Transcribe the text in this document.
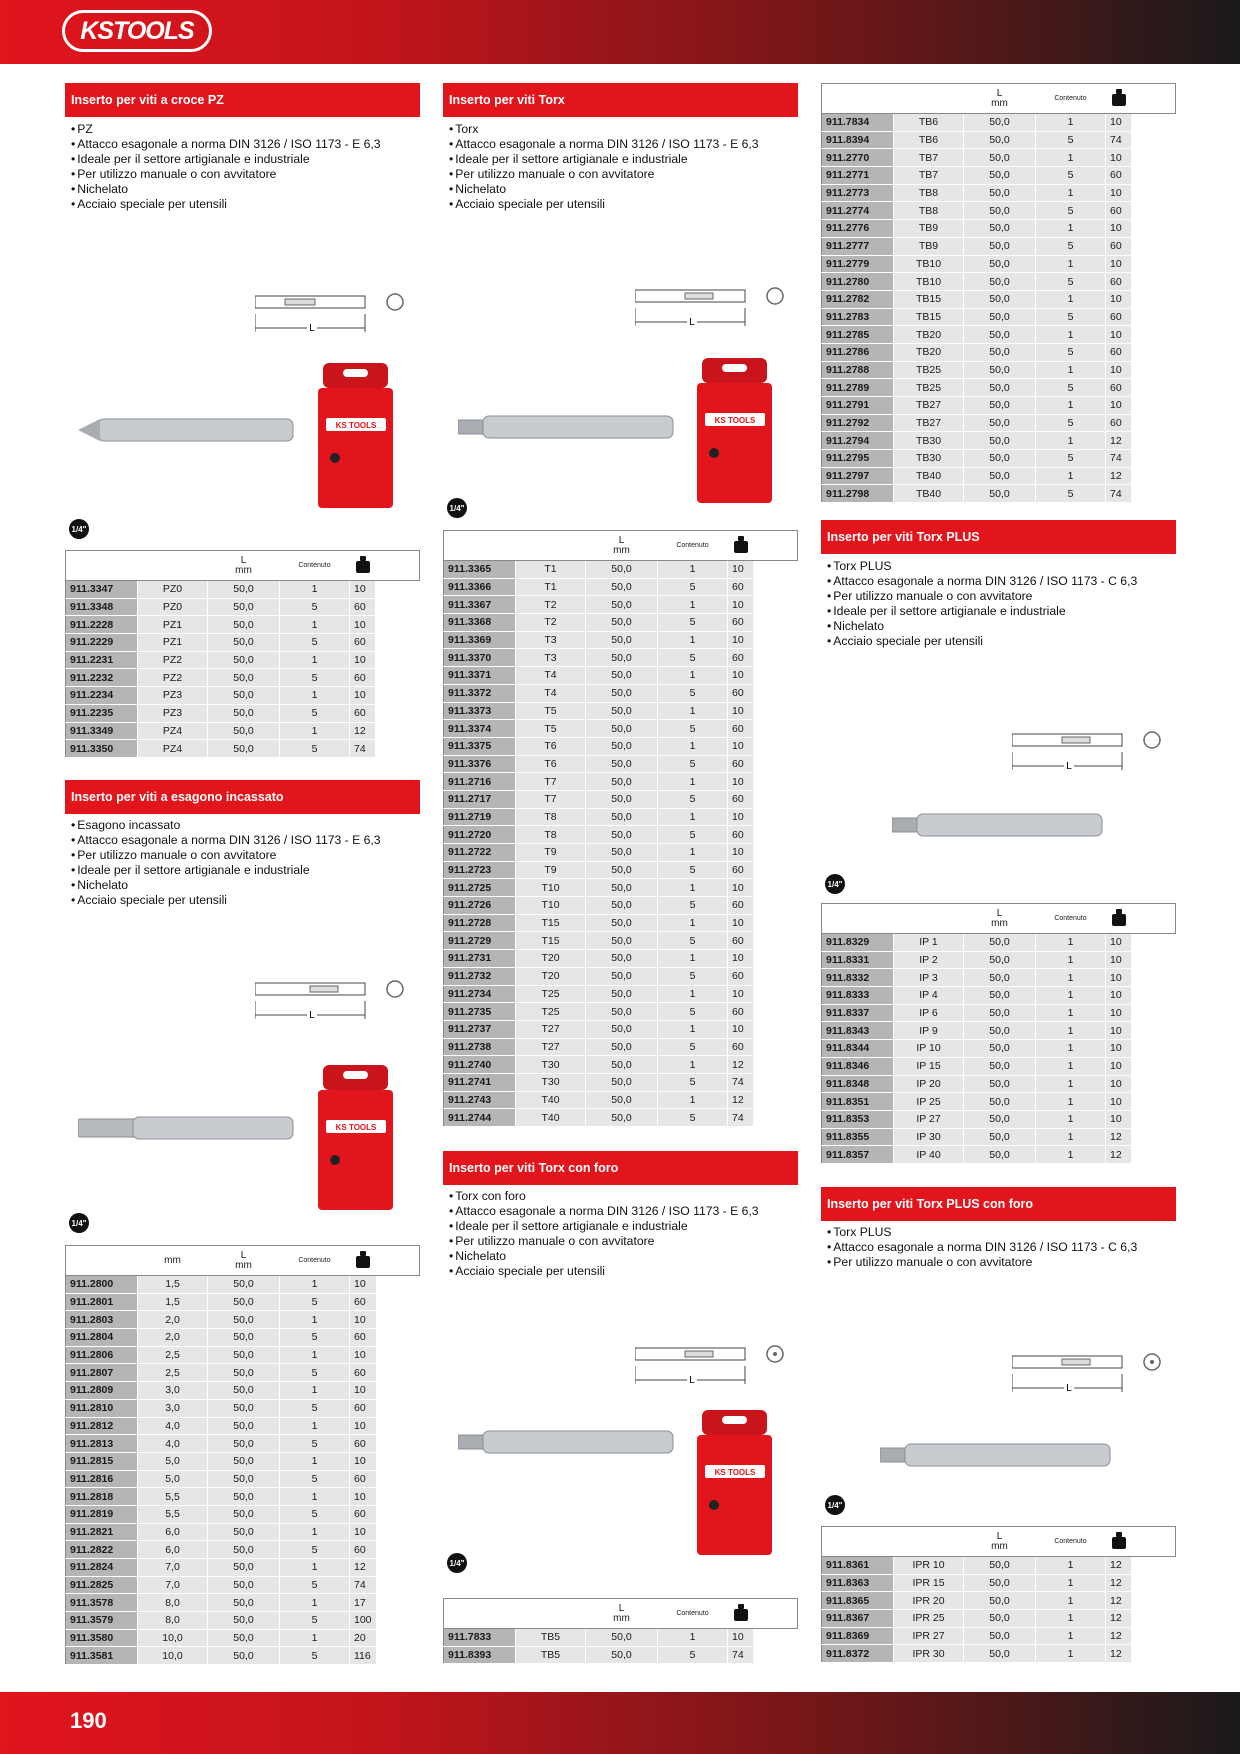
KSTOOLS
190
Inserto per viti a croce PZ
• PZ
• Attacco esagonale a norma DIN 3126 / ISO 1173 - E 6,3
• Ideale per il settore artigianale e industriale
• Per utilizzo manuale o con avvitatore
• Nichelato
• Acciaio speciale per utensili
L
KS TOOLS
1/4"
		L
mm	Contenuto		
911.3347	PZ0	50,0	1	10	
911.3348	PZ0	50,0	5	60	
911.2228	PZ1	50,0	1	10	
911.2229	PZ1	50,0	5	60	
911.2231	PZ2	50,0	1	10	
911.2232	PZ2	50,0	5	60	
911.2234	PZ3	50,0	1	10	
911.2235	PZ3	50,0	5	60	
911.3349	PZ4	50,0	1	12	
911.3350	PZ4	50,0	5	74	
Inserto per viti a esagono incassato
• Esagono incassato
• Attacco esagonale a norma DIN 3126 / ISO 1173 - E 6,3
• Per utilizzo manuale o con avvitatore
• Ideale per il settore artigianale e industriale
• Nichelato
• Acciaio speciale per utensili
L
KS TOOLS
1/4"
	mm	L
mm	Contenuto		
911.2800	1,5	50,0	1	10	
911.2801	1,5	50,0	5	60	
911.2803	2,0	50,0	1	10	
911.2804	2,0	50,0	5	60	
911.2806	2,5	50,0	1	10	
911.2807	2,5	50,0	5	60	
911.2809	3,0	50,0	1	10	
911.2810	3,0	50,0	5	60	
911.2812	4,0	50,0	1	10	
911.2813	4,0	50,0	5	60	
911.2815	5,0	50,0	1	10	
911.2816	5,0	50,0	5	60	
911.2818	5,5	50,0	1	10	
911.2819	5,5	50,0	5	60	
911.2821	6,0	50,0	1	10	
911.2822	6,0	50,0	5	60	
911.2824	7,0	50,0	1	12	
911.2825	7,0	50,0	5	74	
911.3578	8,0	50,0	1	17	
911.3579	8,0	50,0	5	100	
911.3580	10,0	50,0	1	20	
911.3581	10,0	50,0	5	116	
Inserto per viti Torx
• Torx
• Attacco esagonale a norma DIN 3126 / ISO 1173 - E 6,3
• Ideale per il settore artigianale e industriale
• Per utilizzo manuale o con avvitatore
• Nichelato
• Acciaio speciale per utensili
L
KS TOOLS
1/4"
		L
mm	Contenuto		
911.3365	T1	50,0	1	10	
911.3366	T1	50,0	5	60	
911.3367	T2	50,0	1	10	
911.3368	T2	50,0	5	60	
911.3369	T3	50,0	1	10	
911.3370	T3	50,0	5	60	
911.3371	T4	50,0	1	10	
911.3372	T4	50,0	5	60	
911.3373	T5	50,0	1	10	
911.3374	T5	50,0	5	60	
911.3375	T6	50,0	1	10	
911.3376	T6	50,0	5	60	
911.2716	T7	50,0	1	10	
911.2717	T7	50,0	5	60	
911.2719	T8	50,0	1	10	
911.2720	T8	50,0	5	60	
911.2722	T9	50,0	1	10	
911.2723	T9	50,0	5	60	
911.2725	T10	50,0	1	10	
911.2726	T10	50,0	5	60	
911.2728	T15	50,0	1	10	
911.2729	T15	50,0	5	60	
911.2731	T20	50,0	1	10	
911.2732	T20	50,0	5	60	
911.2734	T25	50,0	1	10	
911.2735	T25	50,0	5	60	
911.2737	T27	50,0	1	10	
911.2738	T27	50,0	5	60	
911.2740	T30	50,0	1	12	
911.2741	T30	50,0	5	74	
911.2743	T40	50,0	1	12	
911.2744	T40	50,0	5	74	
Inserto per viti Torx con foro
• Torx con foro
• Attacco esagonale a norma DIN 3126 / ISO 1173 - E 6,3
• Ideale per il settore artigianale e industriale
• Per utilizzo manuale o con avvitatore
• Nichelato
• Acciaio speciale per utensili
L
KS TOOLS
1/4"
		L
mm	Contenuto		
911.7833	TB5	50,0	1	10	
911.8393	TB5	50,0	5	74	
		L
mm	Contenuto		
911.7834	TB6	50,0	1	10	
911.8394	TB6	50,0	5	74	
911.2770	TB7	50,0	1	10	
911.2771	TB7	50,0	5	60	
911.2773	TB8	50,0	1	10	
911.2774	TB8	50,0	5	60	
911.2776	TB9	50,0	1	10	
911.2777	TB9	50,0	5	60	
911.2779	TB10	50,0	1	10	
911.2780	TB10	50,0	5	60	
911.2782	TB15	50,0	1	10	
911.2783	TB15	50,0	5	60	
911.2785	TB20	50,0	1	10	
911.2786	TB20	50,0	5	60	
911.2788	TB25	50,0	1	10	
911.2789	TB25	50,0	5	60	
911.2791	TB27	50,0	1	10	
911.2792	TB27	50,0	5	60	
911.2794	TB30	50,0	1	12	
911.2795	TB30	50,0	5	74	
911.2797	TB40	50,0	1	12	
911.2798	TB40	50,0	5	74	
Inserto per viti Torx PLUS
• Torx PLUS
• Attacco esagonale a norma DIN 3126 / ISO 1173 - C 6,3
• Per utilizzo manuale o con avvitatore
• Ideale per il settore artigianale e industriale
• Nichelato
• Acciaio speciale per utensili
L
1/4"
		L
mm	Contenuto		
911.8329	IP 1	50,0	1	10	
911.8331	IP 2	50,0	1	10	
911.8332	IP 3	50,0	1	10	
911.8333	IP 4	50,0	1	10	
911.8337	IP 6	50,0	1	10	
911.8343	IP 9	50,0	1	10	
911.8344	IP 10	50,0	1	10	
911.8346	IP 15	50,0	1	10	
911.8348	IP 20	50,0	1	10	
911.8351	IP 25	50,0	1	10	
911.8353	IP 27	50,0	1	10	
911.8355	IP 30	50,0	1	12	
911.8357	IP 40	50,0	1	12	
Inserto per viti Torx PLUS con foro
• Torx PLUS
• Attacco esagonale a norma DIN 3126 / ISO 1173 - C 6,3
• Per utilizzo manuale o con avvitatore
L
1/4"
		L
mm	Contenuto		
911.8361	IPR 10	50,0	1	12	
911.8363	IPR 15	50,0	1	12	
911.8365	IPR 20	50,0	1	12	
911.8367	IPR 25	50,0	1	12	
911.8369	IPR 27	50,0	1	12	
911.8372	IPR 30	50,0	1	12	
